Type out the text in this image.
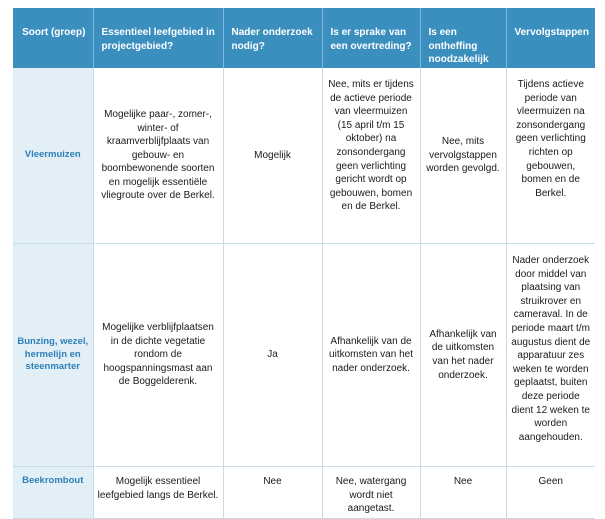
Soort (groep)	Essentieel leefgebied in projectgebied?	Nader onderzoek nodig?	Is er sprake van een overtreding?	Is een ontheffing noodzakelijk	Vervolgstappen
Vleermuizen	Mogelijke paar-, zomer-, winter- of kraamverblijfplaats van gebouw- en boombewonende soorten en mogelijk essentiële vliegroute over de Berkel.	Mogelijk	Nee, mits er tijdens de actieve periode van vleermuizen (15 april t/m 15 oktober) na zonsondergang geen verlichting gericht wordt op gebouwen, bomen en de Berkel.	Nee, mits vervolgstappen worden gevolgd.	Tijdens actieve periode van vleermuizen na zonsondergang geen verlichting richten op gebouwen, bomen en de Berkel.
Bunzing, wezel, hermelijn en steenmarter	Mogelijke verblijfplaatsen in de dichte vegetatie rondom de hoogspanningsmast aan de Boggelderenk.	Ja	Afhankelijk van de uitkomsten van het nader onderzoek.	Afhankelijk van de uitkomsten van het nader onderzoek.	Nader onderzoek door middel van plaatsing van struikrover en cameraval. In de periode maart t/m augustus dient de apparatuur zes weken te worden geplaatst, buiten deze periode dient 12 weken te worden aangehouden.
Beekrombout	Mogelijk essentieel leefgebied langs de Berkel.	Nee	Nee, watergang wordt niet aangetast.	Nee	Geen
